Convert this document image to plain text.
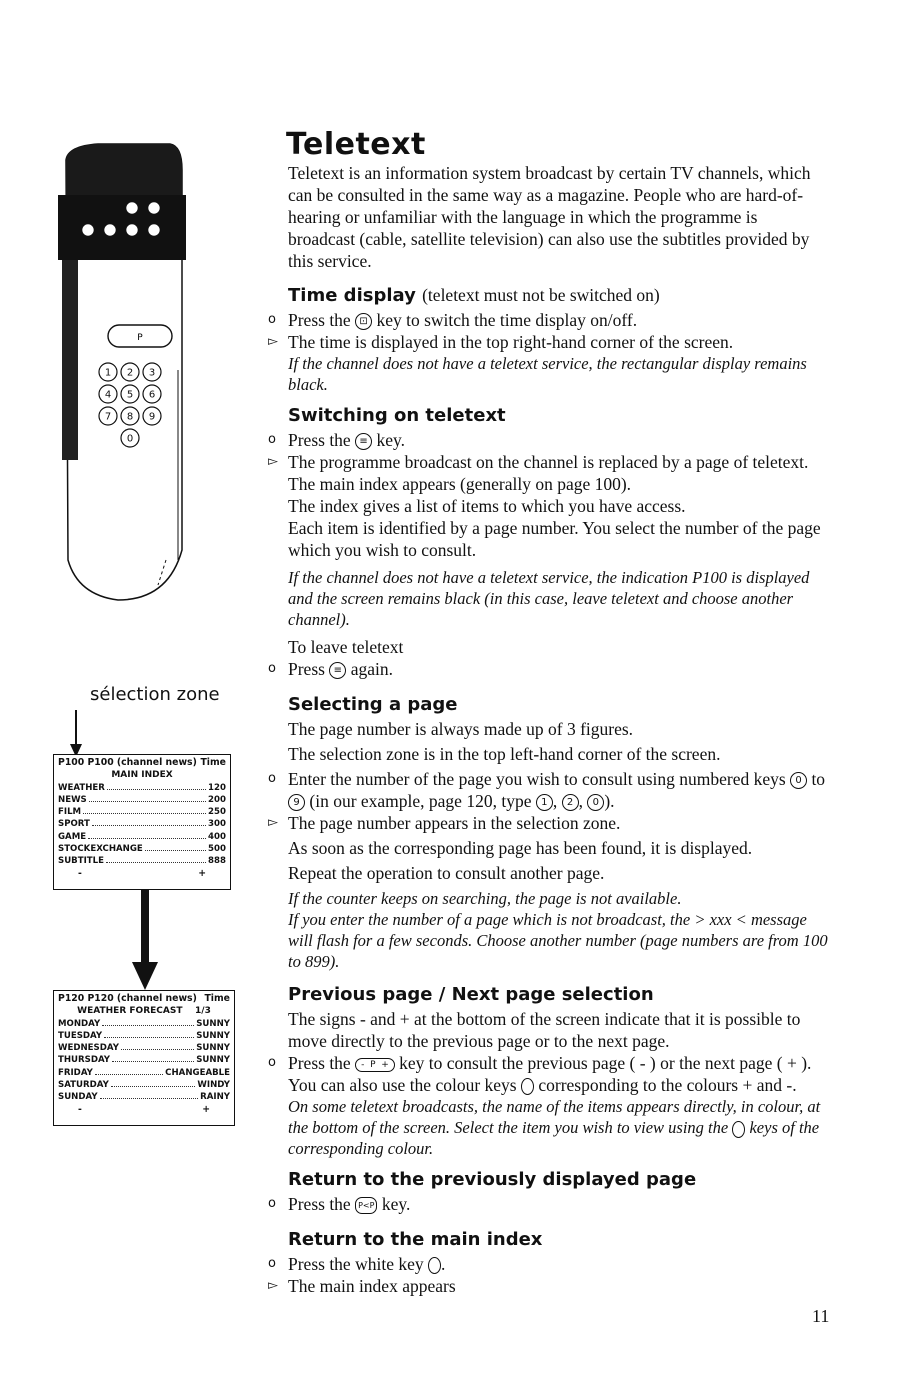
P
1 2 3
4 5 6
7 8 9
0
sélection zone
P100 P100 (channel news) Time
MAIN INDEX
WEATHER	120
NEWS	200
FILM	250
SPORT	300
GAME	400
STOCKEXCHANGE	500
SUBTITLE	888
-	+
P120 P120 (channel news) Time
WEATHER FORECAST 1/3
MONDAY	SUNNY
TUESDAY	SUNNY
WEDNESDAY	SUNNY
THURSDAY	SUNNY
FRIDAY	CHANGEABLE
SATURDAY	WINDY
SUNDAY	RAINY
-	+
Teletext

Teletext is an information system broadcast by certain TV channels, which can be consulted in the same way as a magazine. People who are hard-of-hearing or unfamiliar with the language in which the programme is broadcast (cable, satellite television) can also use the subtitles provided by this service.

Time display (teletext must not be switched on)
o Press the ⊡ key to switch the time display on/off.
▻ The time is displayed in the top right-hand corner of the screen.
If the channel does not have a teletext service, the rectangular display remains black.
Switching on teletext
o Press the ≡ key.
▻ The programme broadcast on the channel is replaced by a page of teletext. The main index appears (generally on page 100).
The index gives a list of items to which you have access.
Each item is identified by a page number. You select the number of the page which you wish to consult.
If the channel does not have a teletext service, the indication P100 is displayed and the screen remains black (in this case, leave teletext and choose another channel).
To leave teletext
o Press ≡ again.
Selecting a page
The page number is always made up of 3 figures.
The selection zone is in the top left-hand corner of the screen.
o Enter the number of the page you wish to consult using numbered keys 0 to 9 (in our example, page 120, type 1 , 2 , 0 ).
▻ The page number appears in the selection zone.
As soon as the corresponding page has been found, it is displayed.
Repeat the operation to consult another page.
If the counter keeps on searching, the page is not available.
If you enter the number of a page which is not broadcast, the > xxx < message will flash for a few seconds. Choose another number (page numbers are from 100 to 899).
Previous page / Next page selection
The signs - and + at the bottom of the screen indicate that it is possible to move directly to the previous page or to the next page.
o Press the - P + key to consult the previous page ( - ) or the next page ( + ). You can also use the colour keys corresponding to the colours + and -.
On some teletext broadcasts, the name of the items appears directly, in colour, at the bottom of the screen. Select the item you wish to view using the keys of the corresponding colour.
Return to the previously displayed page
o Press the P<P key.
Return to the main index
o Press the white key .
▻ The main index appears
11
